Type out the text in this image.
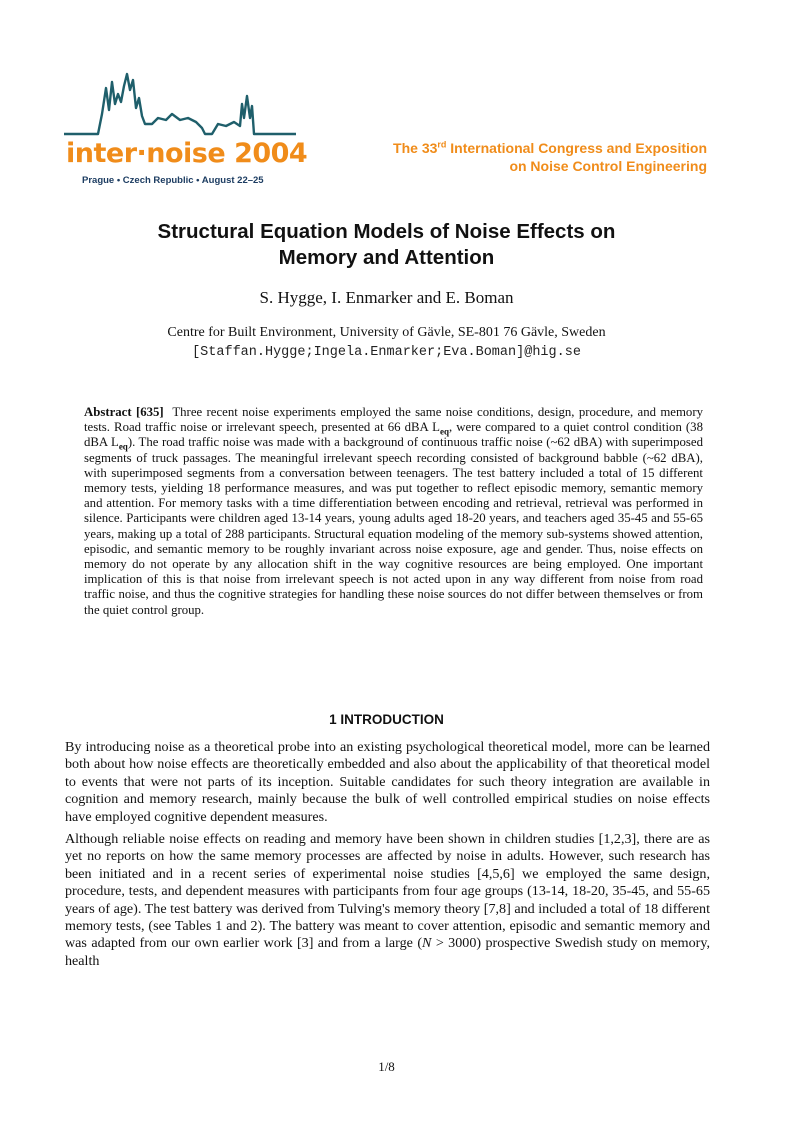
inter·noise 2004
Prague • Czech Republic • August 22–25
The 33rd International Congress and Exposition
on Noise Control Engineering
Structural Equation Models of Noise Effects on
Memory and Attention
S. Hygge, I. Enmarker and E. Boman
Centre for Built Environment, University of Gävle, SE-801 76 Gävle, Sweden
[Staffan.Hygge;Ingela.Enmarker;Eva.Boman]@hig.se

Abstract [635] Three recent noise experiments employed the same noise conditions, design, procedure, and memory tests. Road traffic noise or irrelevant speech, presented at 66 dBA $L_{eq}$, were compared to a quiet control condition (38 dBA $L_{eq}$). The road traffic noise was made with a background of continuous traffic noise (~62 dBA) with superimposed segments of truck passages. The meaningful irrelevant speech recording consisted of background babble (~62 dBA), with superimposed segments from a conversation between teenagers. The test battery included a total of 15 different memory tests, yielding 18 performance measures, and was put together to reflect episodic memory, semantic memory and attention. For memory tasks with a time differentiation between encoding and retrieval, retrieval was performed in silence. Participants were children aged 13-14 years, young adults aged 18-20 years, and teachers aged 35-45 and 55-65 years, making up a total of 288 participants. Structural equation modeling of the memory sub-systems showed attention, episodic, and semantic memory to be roughly invariant across noise exposure, age and gender. Thus, noise effects on memory do not operate by any allocation shift in the way cognitive resources are being employed. One important implication of this is that noise from irrelevant speech is not acted upon in any way different from noise from road traffic noise, and thus the cognitive strategies for handling these noise sources do not differ between themselves or from the quiet control group.

1 INTRODUCTION

By introducing noise as a theoretical probe into an existing psychological theoretical model, more can be learned both about how noise effects are theoretically embedded and also about the applicability of that theoretical model to events that were not parts of its inception. Suitable candidates for such theory integration are available in cognition and memory research, mainly because the bulk of well controlled empirical studies on noise effects have employed cognitive dependent measures.

Although reliable noise effects on reading and memory have been shown in children studies [1,2,3], there are as yet no reports on how the same memory processes are affected by noise in adults. However, such research has been initiated and in a recent series of experimental noise studies [4,5,6] we employed the same design, procedure, tests, and dependent measures with participants from four age groups (13-14, 18-20, 35-45, and 55-65 years of age). The test battery was derived from Tulving's memory theory [7,8] and included a total of 18 different memory tests, (see Tables 1 and 2). The battery was meant to cover attention, episodic and semantic memory and was adapted from our own earlier work [3] and from a large (N > 3000) prospective Swedish study on memory, health

1/8
